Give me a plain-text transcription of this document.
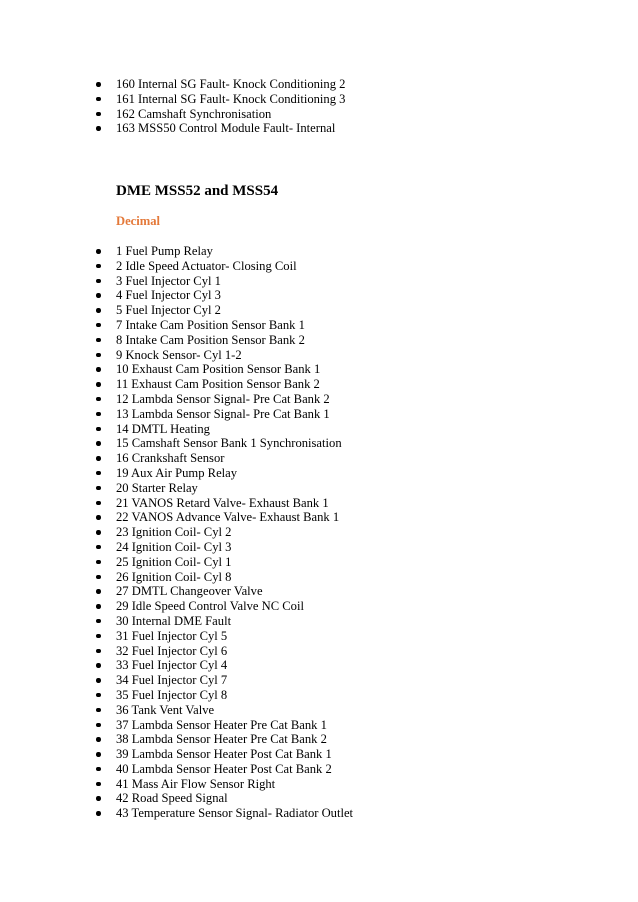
160 Internal SG Fault- Knock Conditioning 2
161 Internal SG Fault- Knock Conditioning 3
162 Camshaft Synchronisation
163 MSS50 Control Module Fault- Internal
DME MSS52 and MSS54
Decimal
1 Fuel Pump Relay
2 Idle Speed Actuator- Closing Coil
3 Fuel Injector Cyl 1
4 Fuel Injector Cyl 3
5 Fuel Injector Cyl 2
7 Intake Cam Position Sensor Bank 1
8 Intake Cam Position Sensor Bank 2
9 Knock Sensor- Cyl 1-2
10 Exhaust Cam Position Sensor Bank 1
11 Exhaust Cam Position Sensor Bank 2
12 Lambda Sensor Signal- Pre Cat Bank 2
13 Lambda Sensor Signal- Pre Cat Bank 1
14 DMTL Heating
15 Camshaft Sensor Bank 1 Synchronisation
16 Crankshaft Sensor
19 Aux Air Pump Relay
20 Starter Relay
21 VANOS Retard Valve- Exhaust Bank 1
22 VANOS Advance Valve- Exhaust Bank 1
23 Ignition Coil- Cyl 2
24 Ignition Coil- Cyl 3
25 Ignition Coil- Cyl 1
26 Ignition Coil- Cyl 8
27 DMTL Changeover Valve
29 Idle Speed Control Valve NC Coil
30 Internal DME Fault
31 Fuel Injector Cyl 5
32 Fuel Injector Cyl 6
33 Fuel Injector Cyl 4
34 Fuel Injector Cyl 7
35 Fuel Injector Cyl 8
36 Tank Vent Valve
37 Lambda Sensor Heater Pre Cat Bank 1
38 Lambda Sensor Heater Pre Cat Bank 2
39 Lambda Sensor Heater Post Cat Bank 1
40 Lambda Sensor Heater Post Cat Bank 2
41 Mass Air Flow Sensor Right
42 Road Speed Signal
43 Temperature Sensor Signal- Radiator Outlet
